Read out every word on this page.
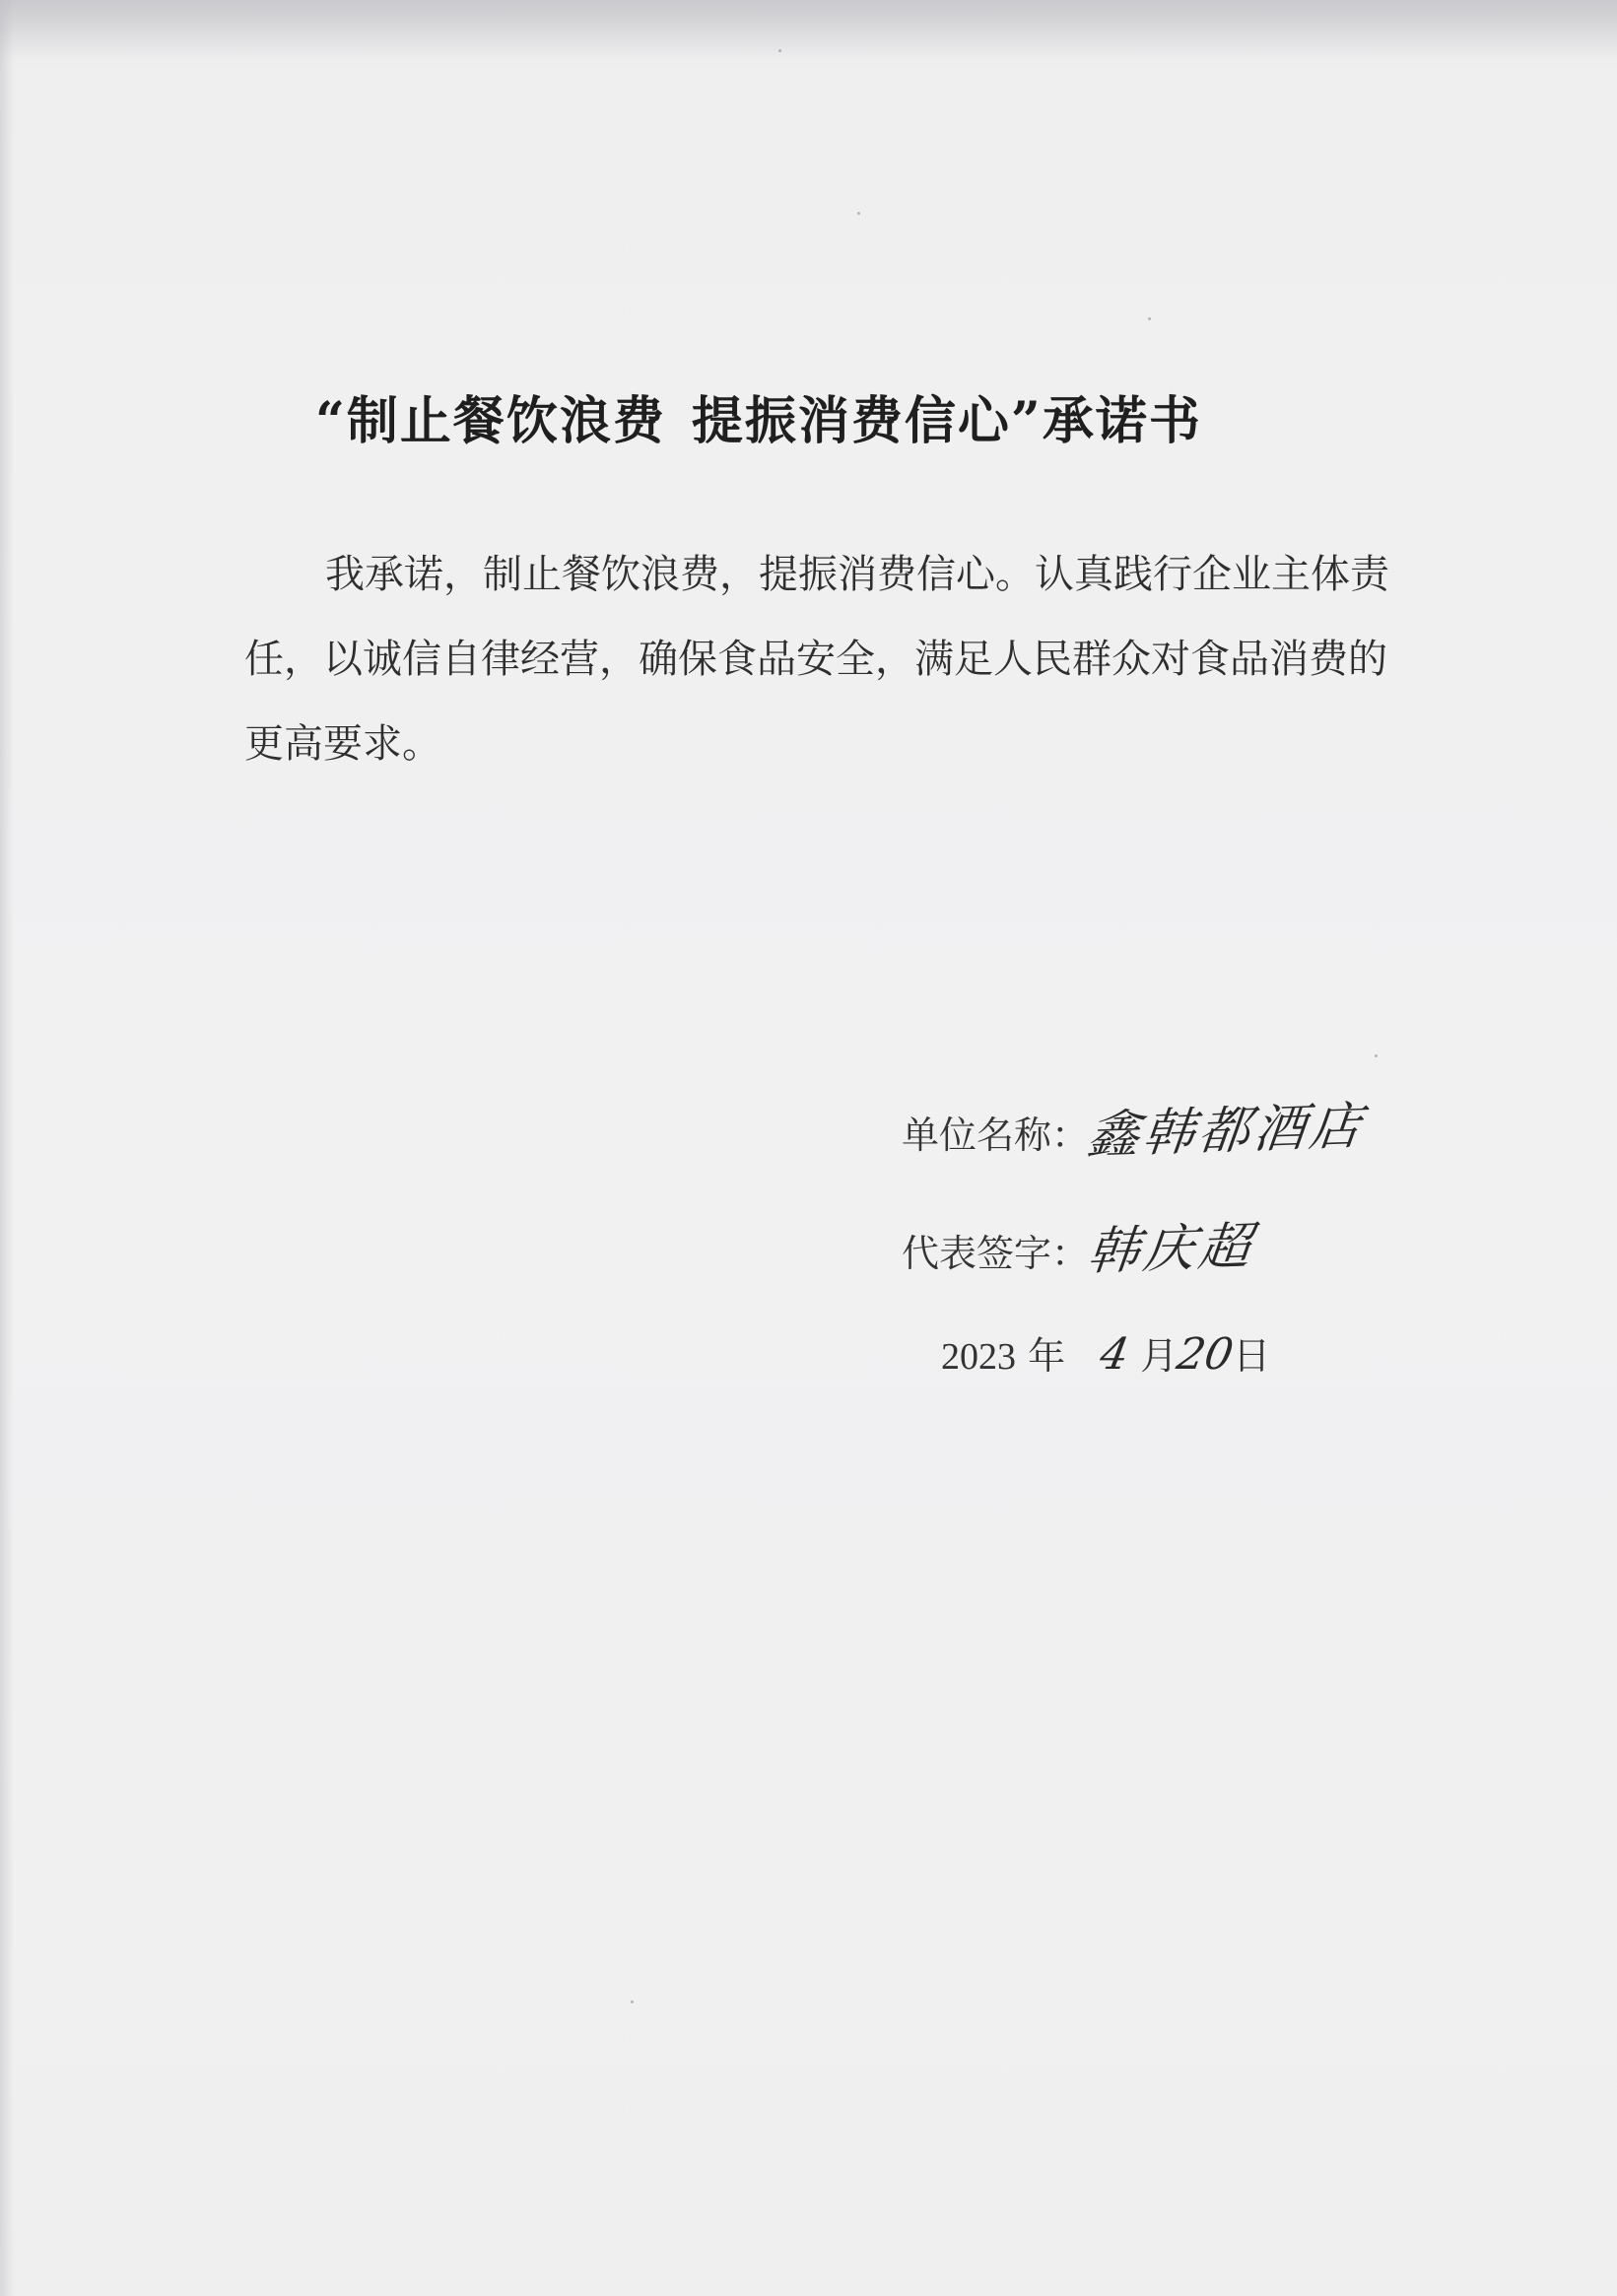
“制止餐饮浪费 提振消费信心”承诺书

我承诺，制止餐饮浪费，提振消费信心。认真践行企业主体责任，以诚信自律经营，确保食品安全，满足人民群众对食品消费的更高要求。

单位名称：鑫韩都酒店
代表签字：韩庆超
2023 年 4 月20日
